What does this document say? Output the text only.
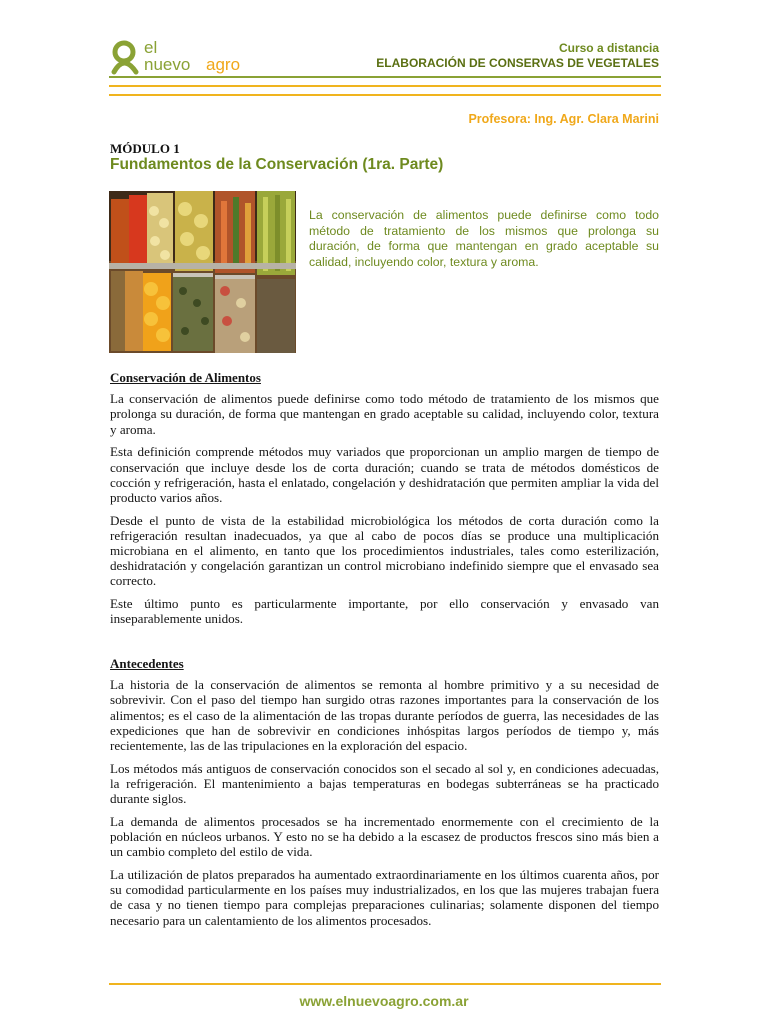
el
nuevo agro
Curso a distancia
ELABORACIÓN DE CONSERVAS DE VEGETALES
Profesora: Ing. Agr. Clara Marini
MÓDULO 1
Fundamentos de la Conservación (1ra. Parte)
La conservación de alimentos puede definirse como todo método de tratamiento de los mismos que prolonga su duración, de forma que mantengan en grado aceptable su calidad, incluyendo color, textura y aroma.
Conservación de Alimentos

La conservación de alimentos puede definirse como todo método de tratamiento de los mismos que prolonga su duración, de forma que mantengan en grado aceptable su calidad, incluyendo color, textura y aroma.

Esta definición comprende métodos muy variados que proporcionan un amplio margen de tiempo de conservación que incluye desde los de corta duración; cuando se trata de métodos domésticos de cocción y refrigeración, hasta el enlatado, congelación y deshidratación que permiten ampliar la vida del producto varios años.

Desde el punto de vista de la estabilidad microbiológica los métodos de corta duración como la refrigeración resultan inadecuados, ya que al cabo de pocos días se produce una multiplicación microbiana en el alimento, en tanto que los procedimientos industriales, tales como esterilización, deshidratación y congelación garantizan un control microbiano indefinido siempre que el envasado sea correcto.

Este último punto es particularmente importante, por ello conservación y envasado van inseparablemente unidos.

Antecedentes

La historia de la conservación de alimentos se remonta al hombre primitivo y a su necesidad de sobrevivir. Con el paso del tiempo han surgido otras razones importantes para la conservación de los alimentos; es el caso de la alimentación de las tropas durante períodos de guerra, las necesidades de las expediciones que han de sobrevivir en condiciones inhóspitas largos períodos de tiempo y, más recientemente, las de las tripulaciones en la exploración del espacio.

Los métodos más antiguos de conservación conocidos son el secado al sol y, en condiciones adecuadas, la refrigeración. El mantenimiento a bajas temperaturas en bodegas subterráneas se ha practicado durante siglos.

La demanda de alimentos procesados se ha incrementado enormemente con el crecimiento de la población en núcleos urbanos. Y esto no se ha debido a la escasez de productos frescos sino más bien a un cambio completo del estilo de vida.

La utilización de platos preparados ha aumentado extraordinariamente en los últimos cuarenta años, por su comodidad particularmente en los países muy industrializados, en los que las mujeres trabajan fuera de casa y no tienen tiempo para complejas preparaciones culinarias; solamente disponen del tiempo necesario para un calentamiento de los alimentos procesados.

www.elnuevoagro.com.ar
